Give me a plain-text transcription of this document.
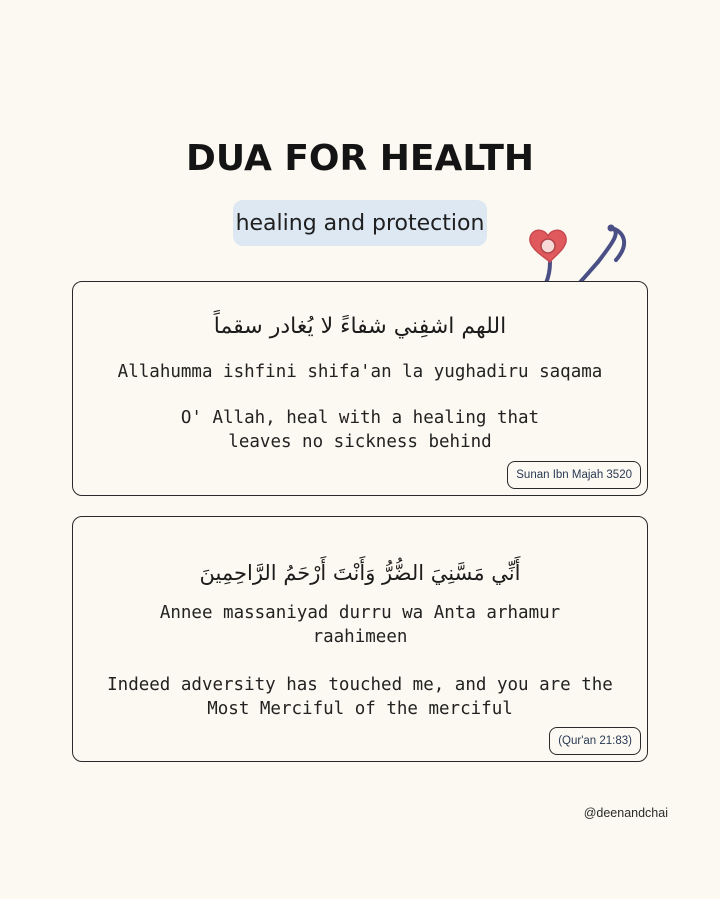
DUA FOR HEALTH
healing and protection
اللهم اشفِني شفاءً لا يُغادر سقماً
Allahumma ishfini shifa'an la yughadiru saqama
O' Allah, heal with a healing that
leaves no sickness behind
Sunan Ibn Majah 3520
أَنِّي مَسَّنِيَ الضُّرُّ وَأَنْتَ أَرْحَمُ الرَّاحِمِينَ
Annee massaniyad durru wa Anta arhamur
raahimeen
Indeed adversity has touched me, and you are the
Most Merciful of the merciful
(Qur'an 21:83)
@deenandchai
